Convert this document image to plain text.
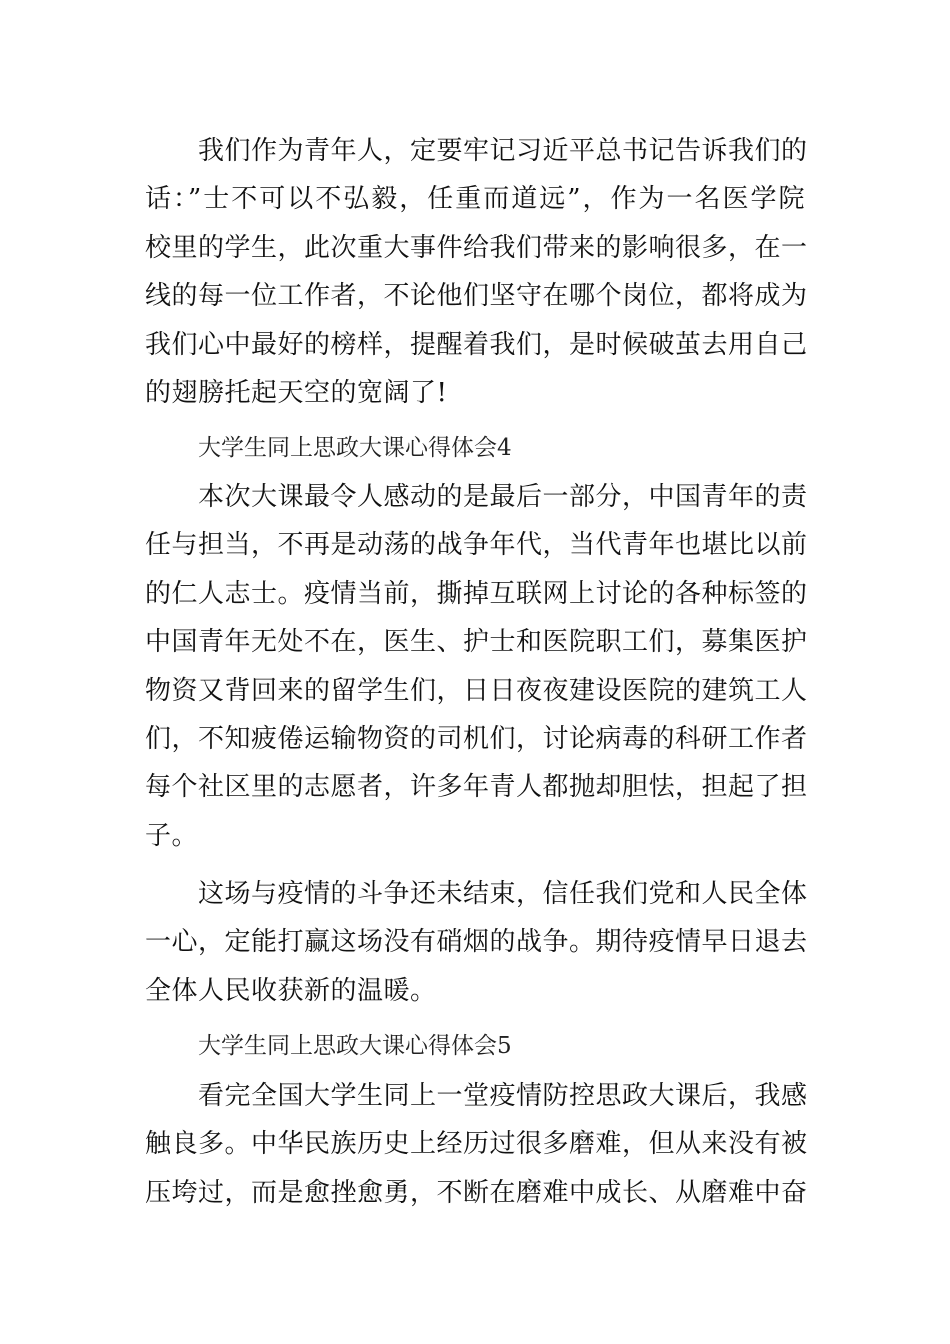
我们作为青年人，定要牢记习近平总书记告诉我们的
话：”士不可以不弘毅，任重而道远”，作为一名医学院
校里的学生，此次重大事件给我们带来的影响很多，在一
线的每一位工作者，不论他们坚守在哪个岗位，都将成为
我们心中最好的榜样，提醒着我们，是时候破茧去用自己
的翅膀托起天空的宽阔了!
大学生同上思政大课心得体会4
本次大课最令人感动的是最后一部分，中国青年的责
任与担当，不再是动荡的战争年代，当代青年也堪比以前
的仁人志士。疫情当前，撕掉互联网上讨论的各种标签的
中国青年无处不在，医生、护士和医院职工们，募集医护
物资又背回来的留学生们，日日夜夜建设医院的建筑工人
们，不知疲倦运输物资的司机们，讨论病毒的科研工作者
每个社区里的志愿者，许多年青人都抛却胆怯，担起了担
子。
这场与疫情的斗争还未结束，信任我们党和人民全体
一心，定能打赢这场没有硝烟的战争。期待疫情早日退去
全体人民收获新的温暖。
大学生同上思政大课心得体会5
看完全国大学生同上一堂疫情防控思政大课后，我感
触良多。中华民族历史上经历过很多磨难，但从来没有被
压垮过，而是愈挫愈勇，不断在磨难中成长、从磨难中奋
